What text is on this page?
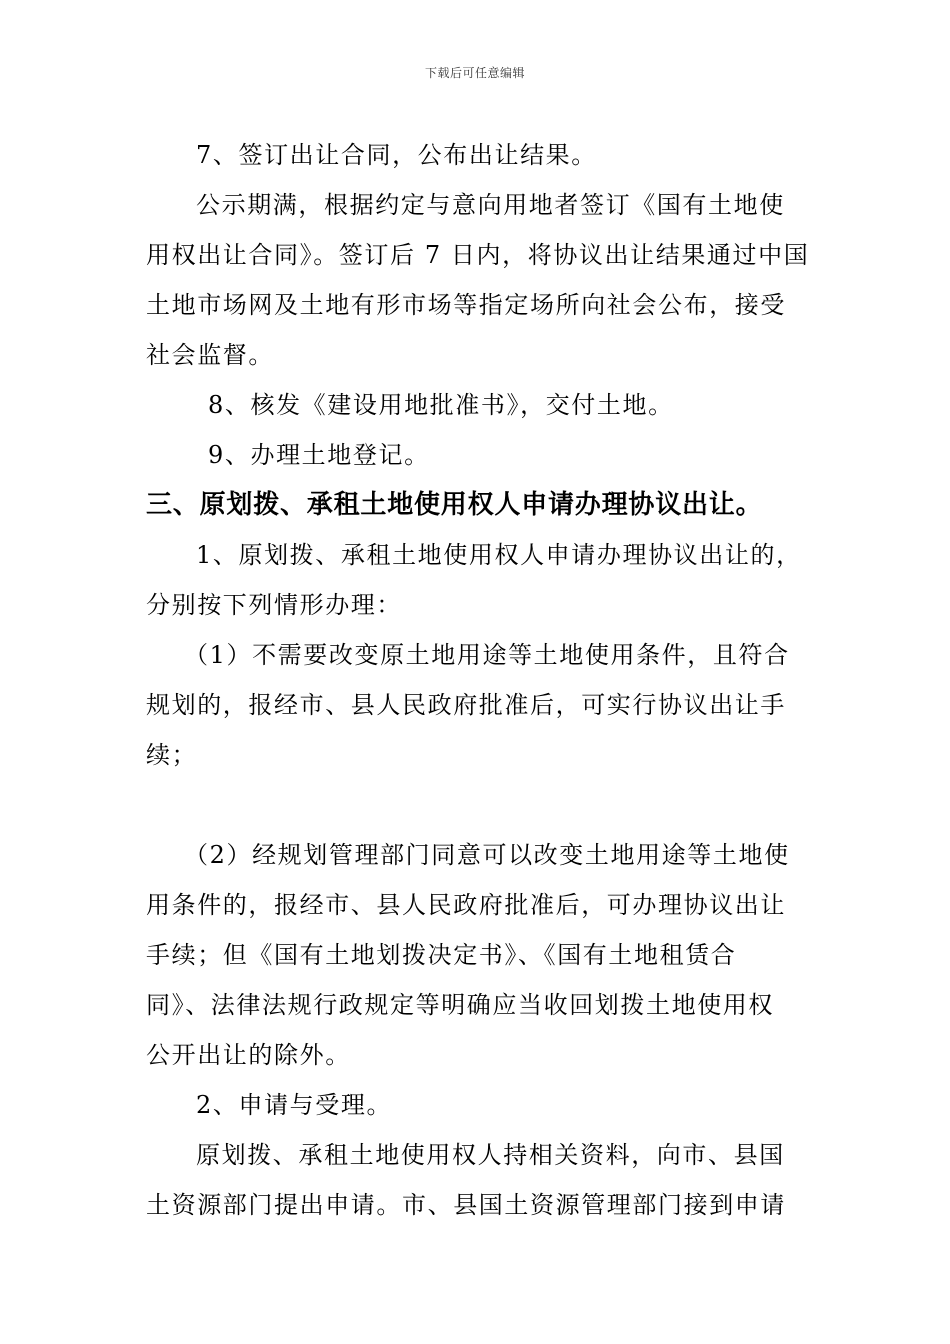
下载后可任意编辑
7、签订出让合同，公布出让结果。
公示期满，根据约定与意向用地者签订《国有土地使
用权出让合同》。签订后 7 日内，将协议出让结果通过中国
土地市场网及土地有形市场等指定场所向社会公布，接受
社会监督。
8、核发《建设用地批准书》，交付土地。
9、办理土地登记。
三、原划拨、承租土地使用权人申请办理协议出让。
1、原划拨、承租土地使用权人申请办理协议出让的，
分别按下列情形办理：
（1）不需要改变原土地用途等土地使用条件，且符合
规划的，报经市、县人民政府批准后，可实行协议出让手
续；
（2）经规划管理部门同意可以改变土地用途等土地使
用条件的，报经市、县人民政府批准后，可办理协议出让
手续；但《国有土地划拨决定书》、《国有土地租赁合
同》、法律法规行政规定等明确应当收回划拨土地使用权
公开出让的除外。
2、申请与受理。
原划拨、承租土地使用权人持相关资料，向市、县国
土资源部门提出申请。市、县国土资源管理部门接到申请
